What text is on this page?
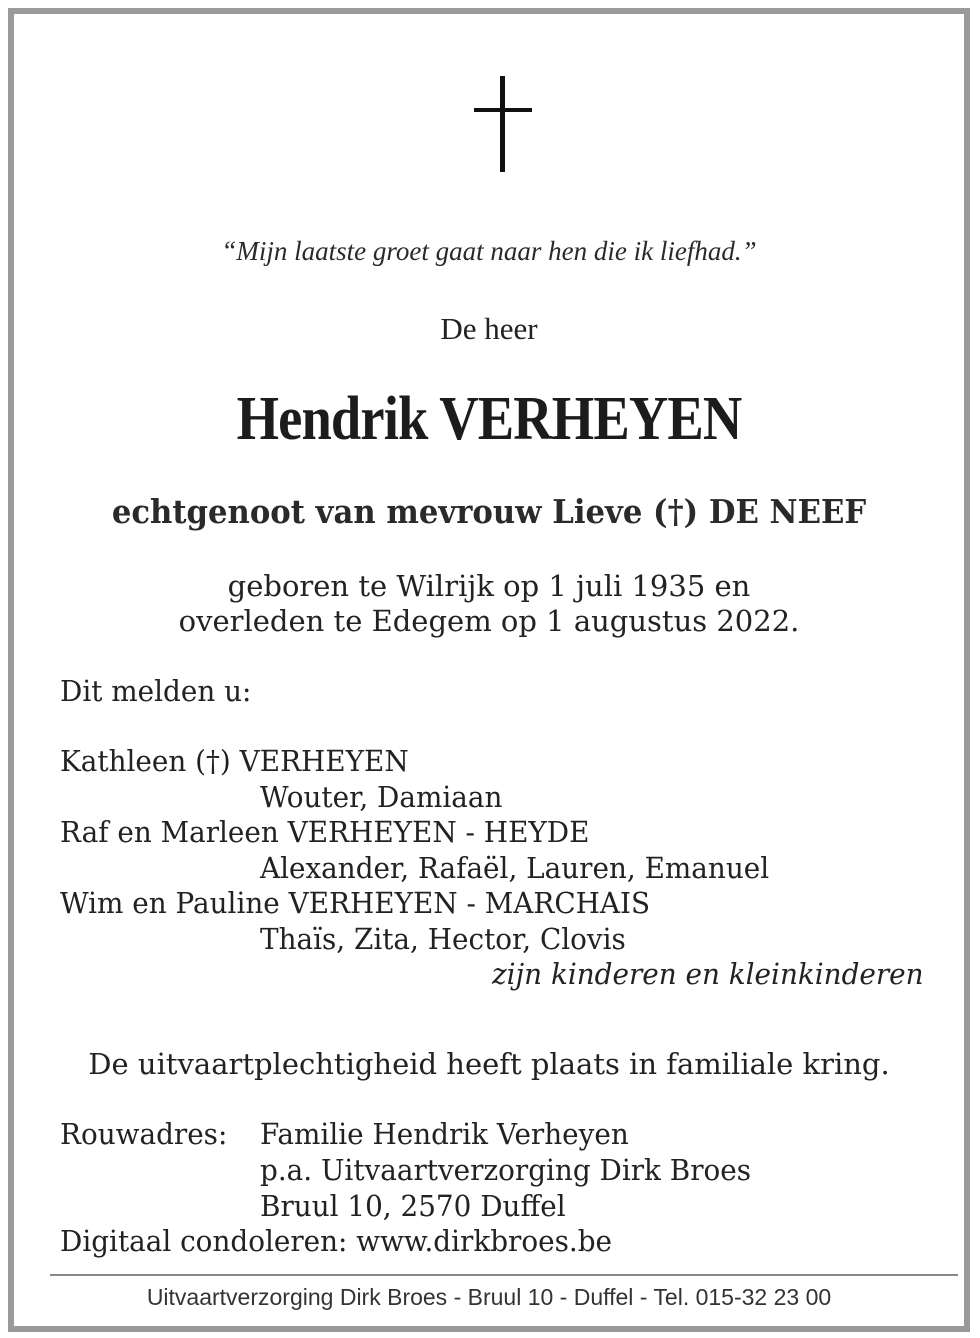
“Mijn laatste groet gaat naar hen die ik liefhad.”
De heer
Hendrik VERHEYEN
echtgenoot van mevrouw Lieve (†) DE NEEF
geboren te Wilrijk op 1 juli 1935 en
overleden te Edegem op 1 augustus 2022.
Dit melden u:
Kathleen (†) VERHEYEN
Wouter, Damiaan
Raf en Marleen VERHEYEN - HEYDE
Alexander, Rafaël, Lauren, Emanuel
Wim en Pauline VERHEYEN - MARCHAIS
Thaïs, Zita, Hector, Clovis
zijn kinderen en kleinkinderen
De uitvaartplechtigheid heeft plaats in familiale kring.
Rouwadres: Familie Hendrik Verheyen
p.a. Uitvaartverzorging Dirk Broes
Bruul 10, 2570 Duffel
Digitaal condoleren: www.dirkbroes.be
Uitvaartverzorging Dirk Broes - Bruul 10 - Duffel - Tel. 015-32 23 00
